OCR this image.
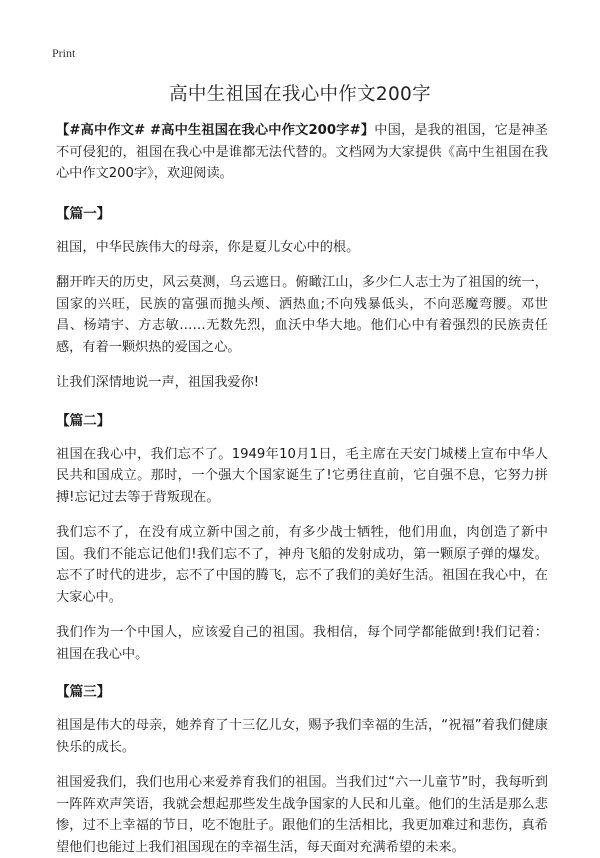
Print
高中生祖国在我心中作文200字

【#高中作文# #高中生祖国在我心中作文200字#】中国，是我的祖国，它是神圣不可侵犯的，祖国在我心中是谁都无法代替的。文档网为大家提供《高中生祖国在我心中作文200字》，欢迎阅读。

【篇一】

祖国，中华民族伟大的母亲，你是夏儿女心中的根。

翻开昨天的历史，风云莫测，乌云遮日。俯瞰江山，多少仁人志士为了祖国的统一，国家的兴旺，民族的富强而抛头颅、洒热血;不向残暴低头，不向恶魔弯腰。邓世昌、杨靖宇、方志敏……无数先烈，血沃中华大地。他们心中有着强烈的民族责任感，有着一颗炽热的爱国之心。

让我们深情地说一声，祖国我爱你!

【篇二】

祖国在我心中，我们忘不了。1949年10月1日，毛主席在天安门城楼上宣布中华人民共和国成立。那时，一个强大个国家诞生了!它勇往直前，它自强不息，它努力拼搏!忘记过去等于背叛现在。

我们忘不了，在没有成立新中国之前，有多少战士牺牲，他们用血，肉创造了新中国。我们不能忘记他们!我们忘不了，神舟飞船的发射成功，第一颗原子弹的爆发。忘不了时代的进步，忘不了中国的腾飞，忘不了我们的美好生活。祖国在我心中，在大家心中。

我们作为一个中国人，应该爱自己的祖国。我相信，每个同学都能做到!我们记着：祖国在我心中。

【篇三】

祖国是伟大的母亲，她养育了十三亿儿女，赐予我们幸福的生活，“祝福”着我们健康快乐的成长。

祖国爱我们，我们也用心来爱养育我们的祖国。当我们过“六一儿童节”时，我每听到一阵阵欢声笑语，我就会想起那些发生战争国家的人民和儿童。他们的生活是那么悲惨，过不上幸福的节日，吃不饱肚子。跟他们的生活相比，我更加难过和悲伤，真希望他们也能过上我们祖国现在的幸福生活，每天面对充满希望的未来。
